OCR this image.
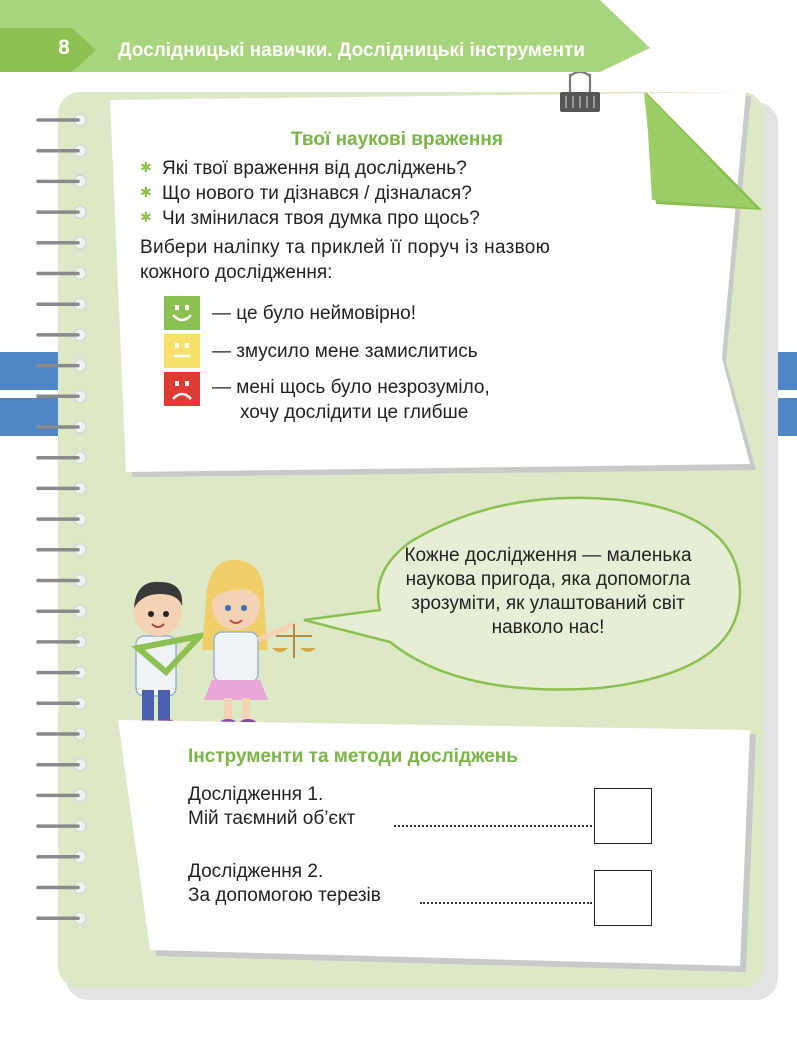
8	Дослідницькі навички. Дослідницькі інструменти
Твої наукові враження
✱ Які твої враження від досліджень?
✱ Що нового ти дізнався / дізналася?
✱ Чи змінилася твоя думка про щось?
Вибери наліпку та приклей її поруч із назвою
кожного дослідження:
— це було неймовірно!
— змусило мене замислитись
— мені щось було незрозуміло,
хочу дослідити це глибше
Кожне дослідження — маленька
наукова пригода, яка допомогла
зрозуміти, як улаштований світ
навколо нас!
Інструменти та методи досліджень
Дослідження 1.
Мій таємний об’єкт
Дослідження 2.
За допомогою терезів
